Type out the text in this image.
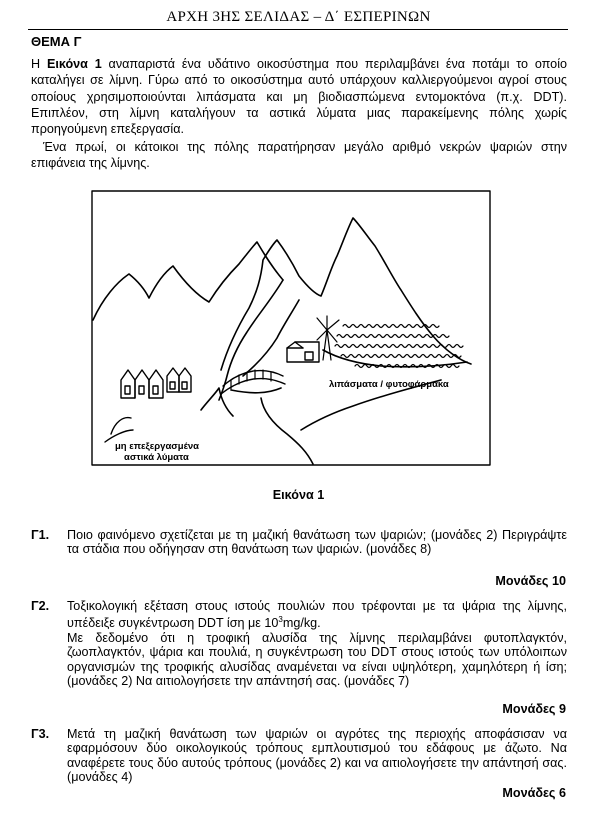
ΑΡΧΗ 3ΗΣ ΣΕΛΙΔΑΣ – Δ΄ ΕΣΠΕΡΙΝΩΝ
ΘΕΜΑ Γ

Η Εικόνα 1 αναπαριστά ένα υδάτινο οικοσύστημα που περιλαμβάνει ένα ποτάμι το οποίο καταλήγει σε λίμνη. Γύρω από το οικοσύστημα αυτό υπάρχουν καλλιεργούμενοι αγροί στους οποίους χρησιμοποιούνται λιπάσματα και μη βιοδιασπώμενα εντομοκτόνα (π.χ. DDT). Επιπλέον, στη λίμνη καταλήγουν τα αστικά λύματα μιας παρακείμενης πόλης χωρίς προηγούμενη επεξεργασία.

Ένα πρωί, οι κάτοικοι της πόλης παρατήρησαν μεγάλο αριθμό νεκρών ψαριών στην επιφάνεια της λίμνης.

λιπάσματα / φυτοφάρμακα
μη επεξεργασμένα
αστικά λύματα
Εικόνα 1
Γ1. Ποιο φαινόμενο σχετίζεται με τη μαζική θανάτωση των ψαριών; (μονάδες 2) Περιγράψτε τα στάδια που οδήγησαν στη θανάτωση των ψαριών. (μονάδες 8)

Μονάδες 10
Γ2. Τοξικολογική εξέταση στους ιστούς πουλιών που τρέφονται με τα ψάρια της λίμνης, υπέδειξε συγκέντρωση DDT ίση με $10^3mg/kg$.

Με δεδομένο ότι η τροφική αλυσίδα της λίμνης περιλαμβάνει φυτοπλαγκτόν, ζωοπλαγκτόν, ψάρια και πουλιά, η συγκέντρωση του DDT στους ιστούς των υπόλοιπων οργανισμών της τροφικής αλυσίδας αναμένεται να είναι υψηλότερη, χαμηλότερη ή ίση; (μονάδες 2) Να αιτιολογήσετε την απάντησή σας. (μονάδες 7)

Μονάδες 9
Γ3. Μετά τη μαζική θανάτωση των ψαριών οι αγρότες της περιοχής αποφάσισαν να εφαρμόσουν δύο οικολογικούς τρόπους εμπλουτισμού του εδάφους με άζωτο. Να αναφέρετε τους δύο αυτούς τρόπους (μονάδες 2) και να αιτιολογήσετε την απάντησή σας. (μονάδες 4)

Μονάδες 6
